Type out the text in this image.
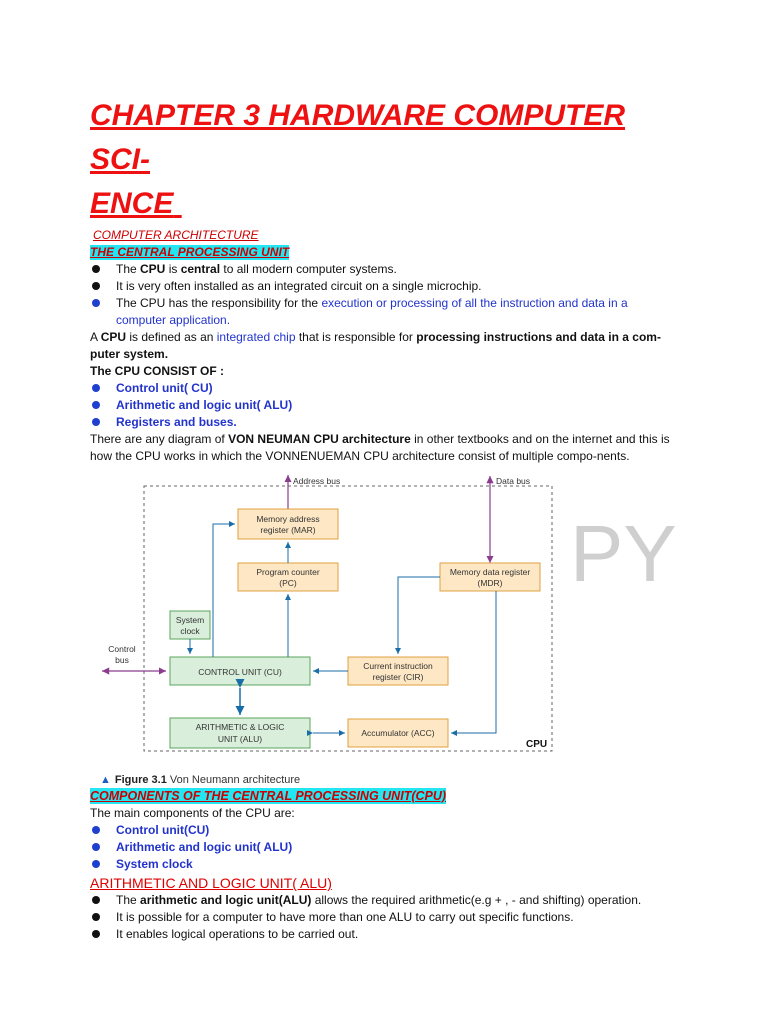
CHAPTER 3 HARDWARE COMPUTER SCI-
ENCE
COMPUTER ARCHITECTURE
THE CENTRAL PROCESSING UNIT
The CPU is central to all modern computer systems.
It is very often installed as an integrated circuit on a single microchip.
The CPU has the responsibility for the execution or processing of all the instruction and data in a computer application.

A CPU is defined as an integrated chip that is responsible for processing instructions and data in a com-puter system.

The CPU CONSIST OF :

Control unit( CU)
Arithmetic and logic unit( ALU)
Registers and buses.

There are any diagram of VON NEUMAN CPU architecture in other textbooks and on the internet and this is how the CPU works in which the VONNENUEMAN CPU architecture consist of multiple compo-nents.

PY
Address bus	Data bus
Memory address
register (MAR)
Program counter
(PC)
Memory data register
(MDR)
System
clock
Control
bus
CONTROL UNIT (CU)
Current instruction
register (CIR)
ARITHMETIC & LOGIC
UNIT (ALU)
Accumulator (ACC)
CPU
▲ Figure 3.1 Von Neumann architecture
COMPONENTS OF THE CENTRAL PROCESSING UNIT(CPU)

The main components of the CPU are:

Control unit(CU)
Arithmetic and logic unit( ALU)
System clock
ARITHMETIC AND LOGIC UNIT( ALU)
The arithmetic and logic unit(ALU) allows the required arithmetic(e.g + , - and shifting) operation.
It is possible for a computer to have more than one ALU to carry out specific functions.
It enables logical operations to be carried out.
